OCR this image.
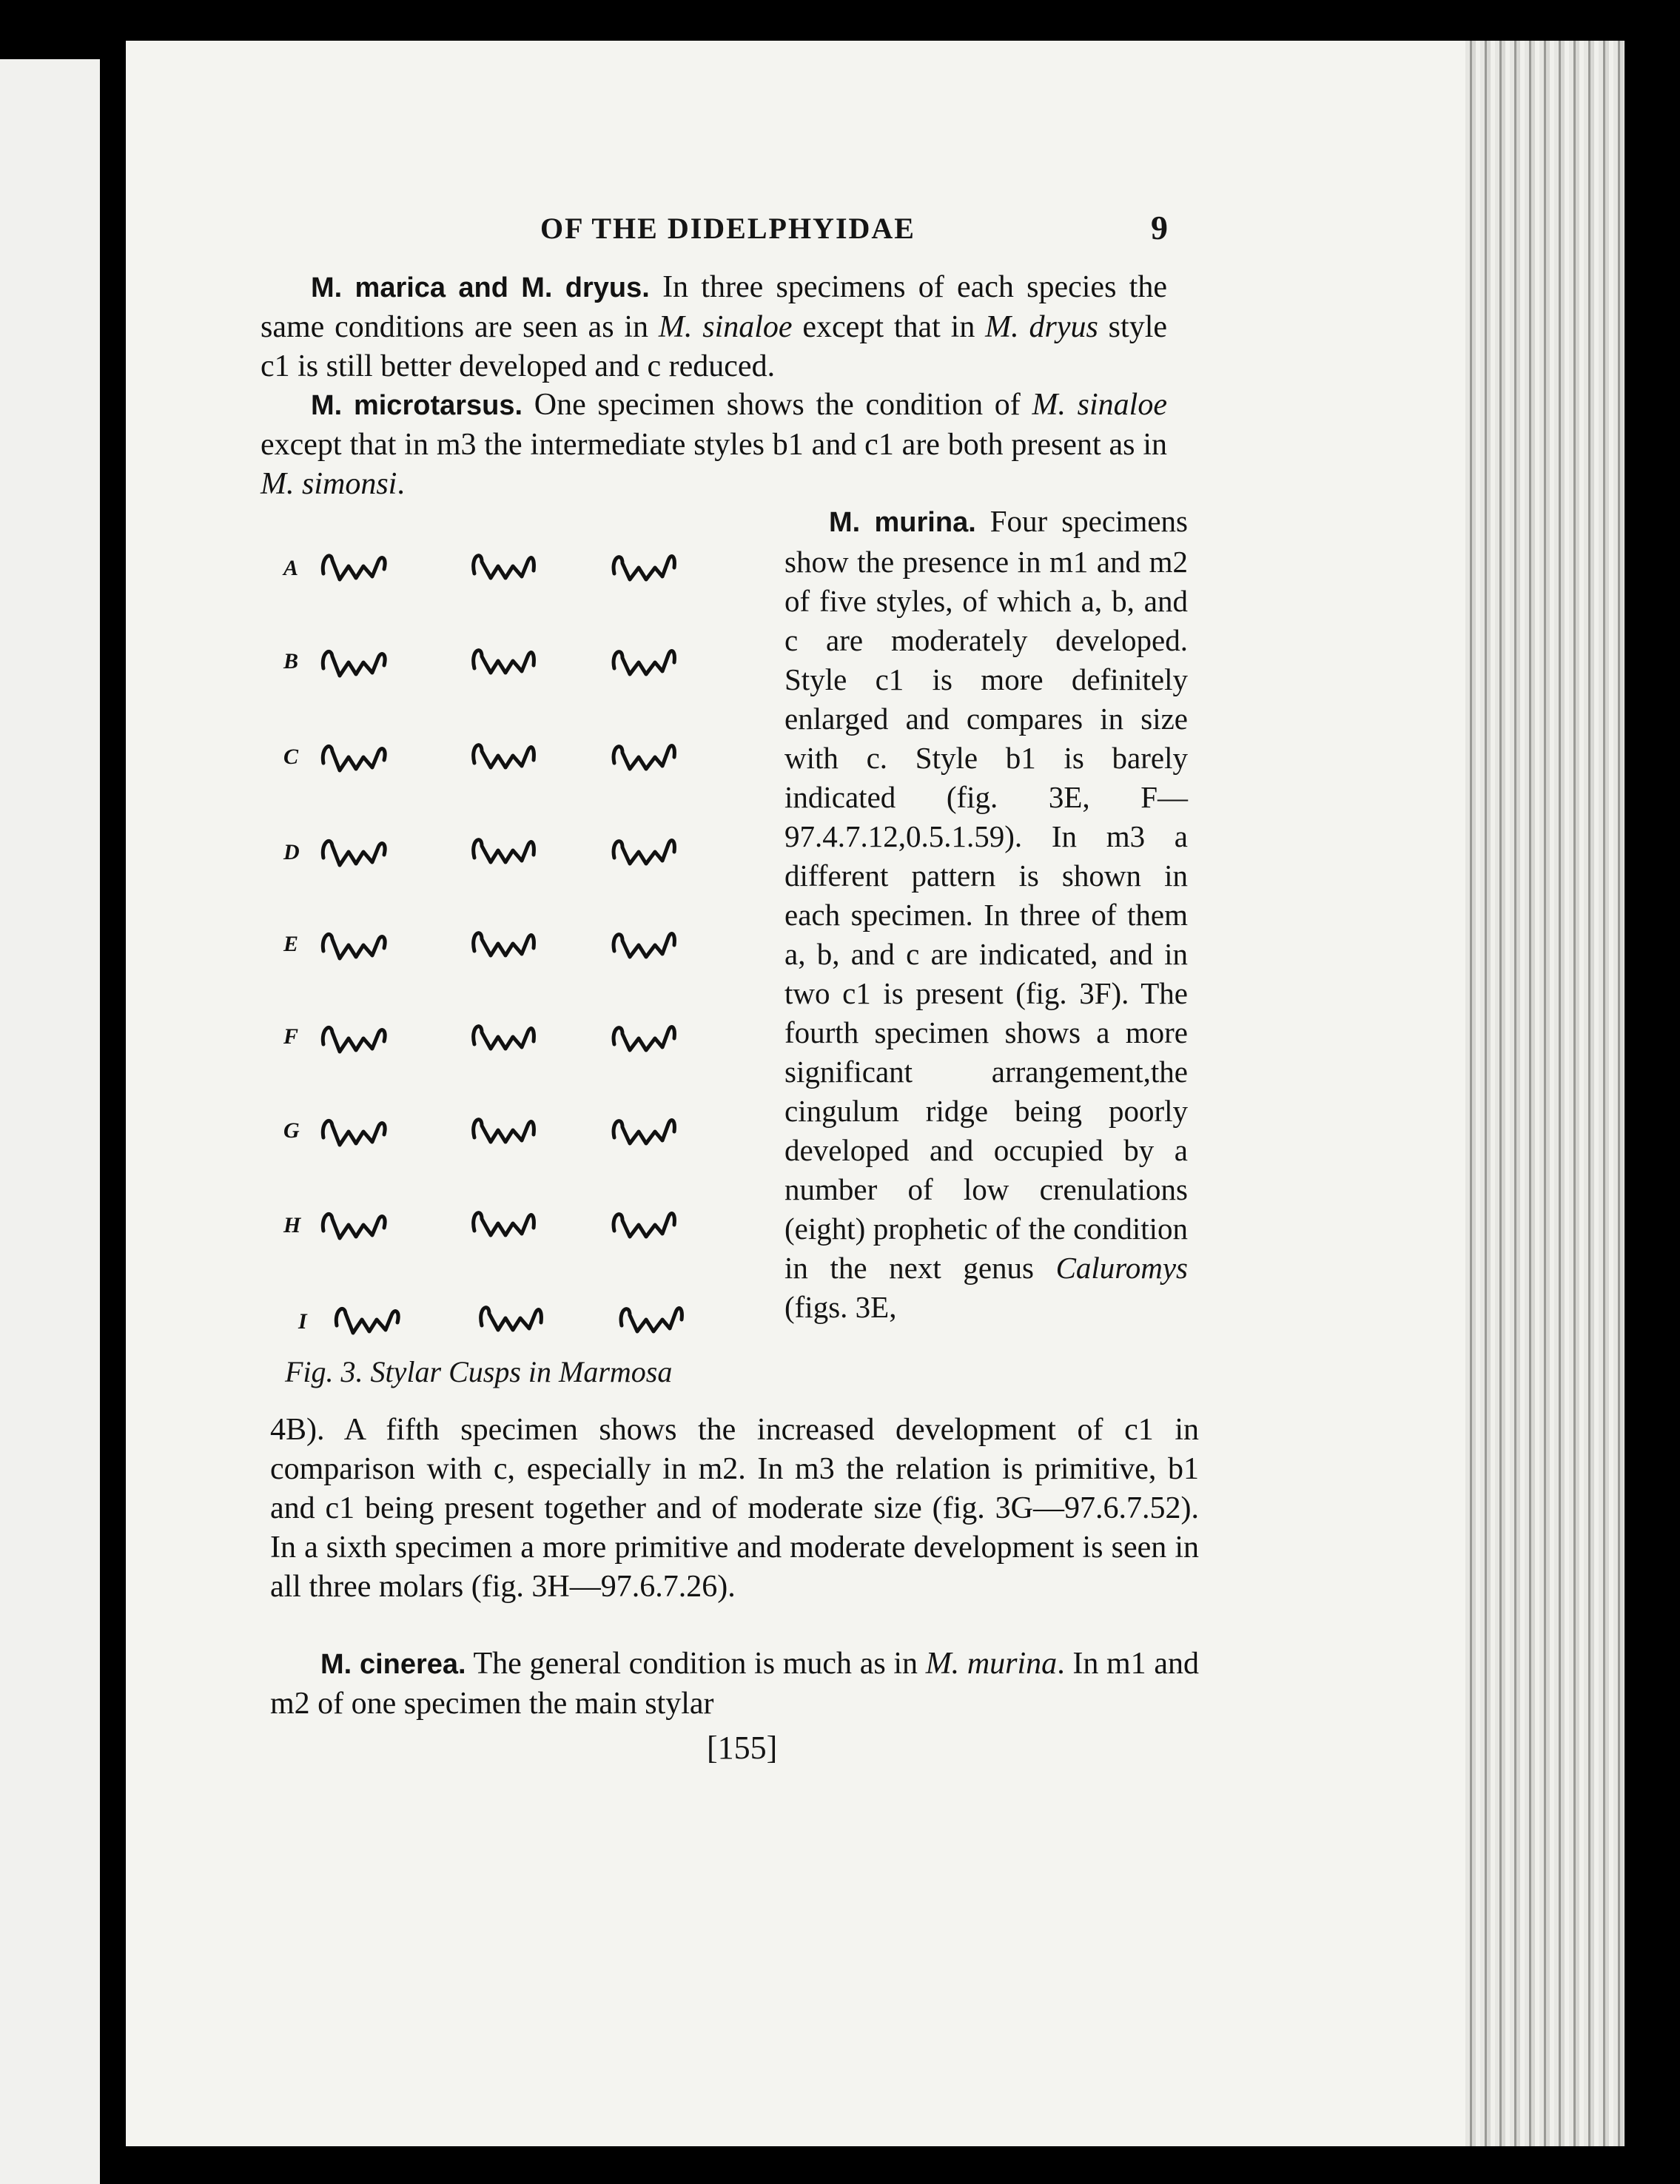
OF THE DIDELPHYIDAE	9

M. marica and M. dryus. In three specimens of each species the same conditions are seen as in M. sinaloe except that in M. dryus style c1 is still better developed and c reduced.

M. microtarsus. One specimen shows the condition of M. sinaloe except that in m3 the intermediate styles b1 and c1 are both present as in M. simonsi.

A
B
C
D
E
F
G
H
I
Fig. 3. Stylar Cusps in Marmosa

M. murina. Four specimens show the presence in m1 and m2 of five styles, of which a, b, and c are moderately developed. Style c1 is more definitely enlarged and compares in size with c. Style b1 is barely indicated (fig. 3E, F—97.4.7.12,0.5.1.59). In m3 a different pattern is shown in each specimen. In three of them a, b, and c are indicated, and in two c1 is present (fig. 3F). The fourth specimen shows a more significant arrangement,the cingulum ridge being poorly developed and occupied by a number of low crenulations (eight) prophetic of the condition in the next genus Caluromys (figs. 3E,

4B). A fifth specimen shows the increased development of c1 in comparison with c, especially in m2. In m3 the relation is primitive, b1 and c1 being present together and of moderate size (fig. 3G—97.6.7.52). In a sixth specimen a more primitive and moderate development is seen in all three molars (fig. 3H—97.6.7.26).

M. cinerea. The general condition is much as in M. murina. In m1 and m2 of one specimen the main stylar

[155]
